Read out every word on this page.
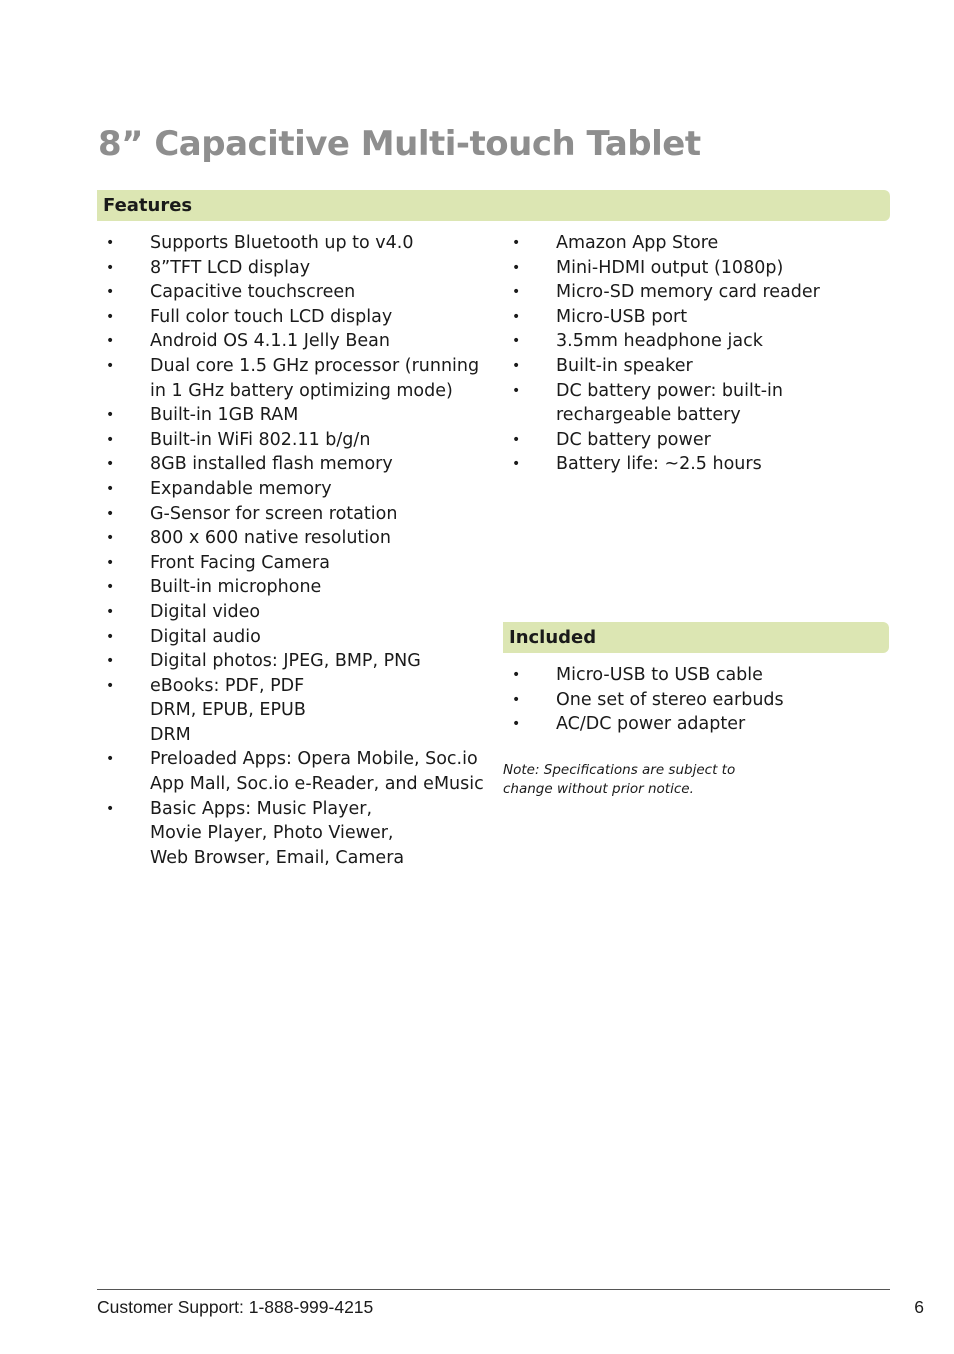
8” Capacitive Multi-touch Tablet
Features
• Supports Bluetooth up to v4.0
• 8”TFT LCD display
• Capacitive touchscreen
• Full color touch LCD display
• Android OS 4.1.1 Jelly Bean
• Dual core 1.5 GHz processor (running in 1 GHz battery optimizing mode)
• Built-in 1GB RAM
• Built-in WiFi 802.11 b/g/n
• 8GB installed flash memory
• Expandable memory
• G-Sensor for screen rotation
• 800 x 600 native resolution
• Front Facing Camera
• Built-in microphone
• Digital video
• Digital audio
• Digital photos: JPEG, BMP, PNG
• eBooks: PDF, PDF DRM, EPUB, EPUB DRM
• Preloaded Apps: Opera Mobile, Soc.io App Mall, Soc.io e-Reader, and eMusic
• Basic Apps: Music Player, Movie Player, Photo Viewer, Web Browser, Email, Camera
• Amazon App Store
• Mini-HDMI output (1080p)
• Micro-SD memory card reader
• Micro-USB port
• 3.5mm headphone jack
• Built-in speaker
• DC battery power: built-in rechargeable battery
• DC battery power
• Battery life: ~2.5 hours
Included
• Micro-USB to USB cable
• One set of stereo earbuds
• AC/DC power adapter

Note: Specifications are subject to change without prior notice.

Customer Support: 1-888-999-4215	6
